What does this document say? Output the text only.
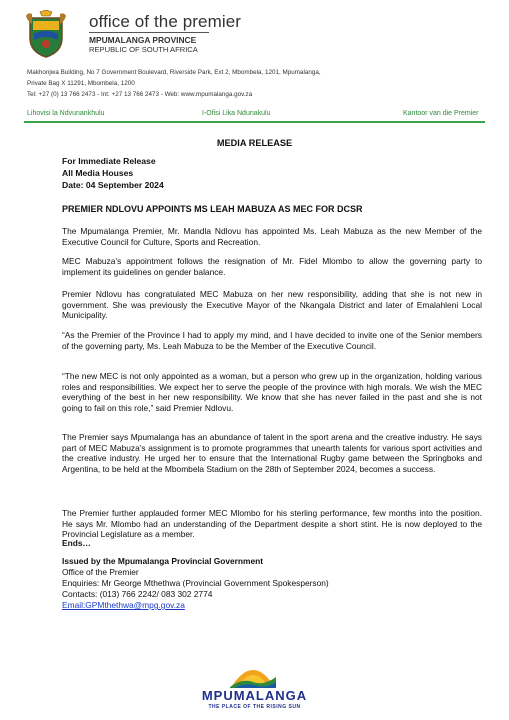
office of the premier
MPUMALANGA PROVINCE
REPUBLIC OF SOUTH AFRICA
Makhonjwa Building, No 7 Government Boulevard, Riverside Park, Ext 2, Mbombela, 1201, Mpumalanga,
Private Bag X 11291, Mbombela, 1200
Tel: +27 (0) 13 766 2473 - Int: +27 13 766 2473 - Web: www.mpumalanga.gov.za
Lihovisi la Ndvunankhulu	I-Ofisi Lika Ndunakulu	Kantoor van die Premier
MEDIA RELEASE
For Immediate Release
All Media Houses
Date: 04 September 2024
PREMIER NDLOVU APPOINTS MS LEAH MABUZA AS MEC FOR DCSR
The Mpumalanga Premier, Mr. Mandla Ndlovu has appointed Ms. Leah Mabuza as the new Member of the Executive Council for Culture, Sports and Recreation.
MEC Mabuza’s appointment follows the resignation of Mr. Fidel Mlombo to allow the governing party to implement its guidelines on gender balance.
Premier Ndlovu has congratulated MEC Mabuza on her new responsibility, adding that she is not new in government. She was previously the Executive Mayor of the Nkangala District and later of Emalahleni Local Municipality.
“As the Premier of the Province I had to apply my mind, and I have decided to invite one of the Senior members of the governing party, Ms. Leah Mabuza to be the Member of the Executive Council.
“The new MEC is not only appointed as a woman, but a person who grew up in the organization, holding various roles and responsibilities. We expect her to serve the people of the province with high morals. We wish the MEC everything of the best in her new responsibility. We know that she has never failed in the past and she is not going to fail on this role,” said Premier Ndlovu.
The Premier says Mpumalanga has an abundance of talent in the sport arena and the creative industry. He says part of MEC Mabuza’s assignment is to promote programmes that unearth talents for various sport activities and the creative industry. He urged her to ensure that the International Rugby game between the Springboks and Argentina, to be held at the Mbombela Stadium on the 28th of September 2024, becomes a success.
The Premier further applauded former MEC Mlombo for his sterling performance, few months into the position. He says Mr. Mlombo had an understanding of the Department despite a short stint. He is now deployed to the Provincial Legislature as a member.
Ends…
Issued by the Mpumalanga Provincial Government
Office of the Premier
Enquiries: Mr George Mthethwa (Provincial Government Spokesperson)
Contacts: (013) 766 2242/ 083 302 2774
Email:GPMthethwa@mpg.gov.za
MPUMALANGA
THE PLACE OF THE RISING SUN
